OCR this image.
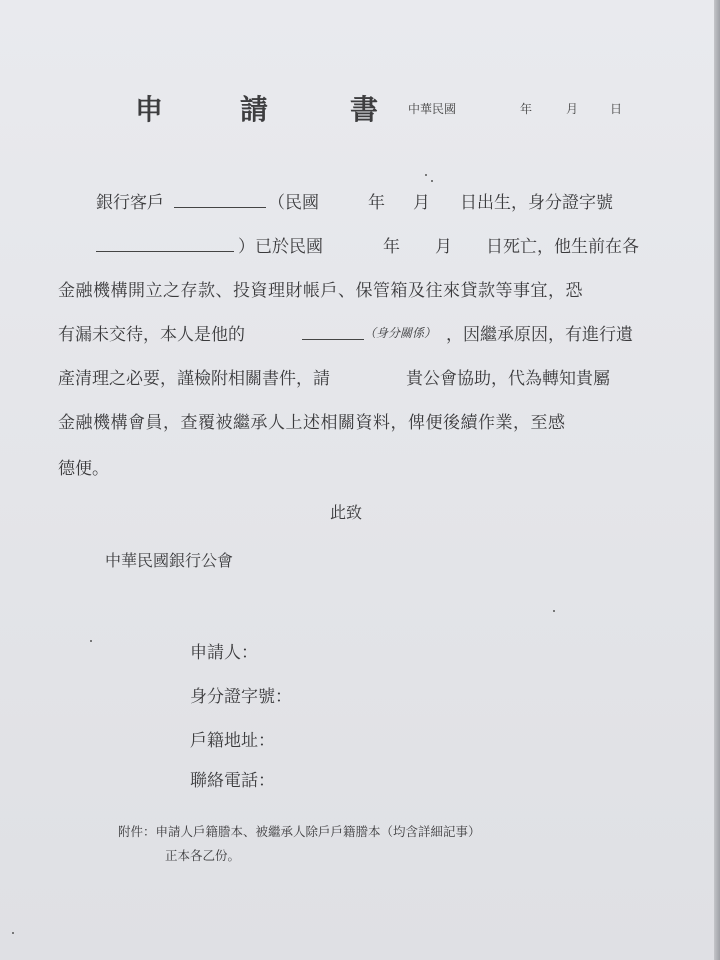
申	請	書 中華民國	年	月	日
銀行客戶	（民國	年 月 日出生，身分證字號
）已於民國	年 月 日死亡，他生前在各
金融機構開立之存款、投資理財帳戶、保管箱及往來貸款等事宜，恐
有漏未交待，本人是他的	（身分關係） ，因繼承原因，有進行遺
產清理之必要，謹檢附相關書件，請	貴公會協助，代為轉知貴屬
金融機構會員，查覆被繼承人上述相關資料，俾便後續作業，至感
德便。
此致
中華民國銀行公會
申請人：
身分證字號：
戶籍地址：
聯絡電話：
附件：申請人戶籍謄本、被繼承人除戶戶籍謄本（均含詳細記事）
正本各乙份。
